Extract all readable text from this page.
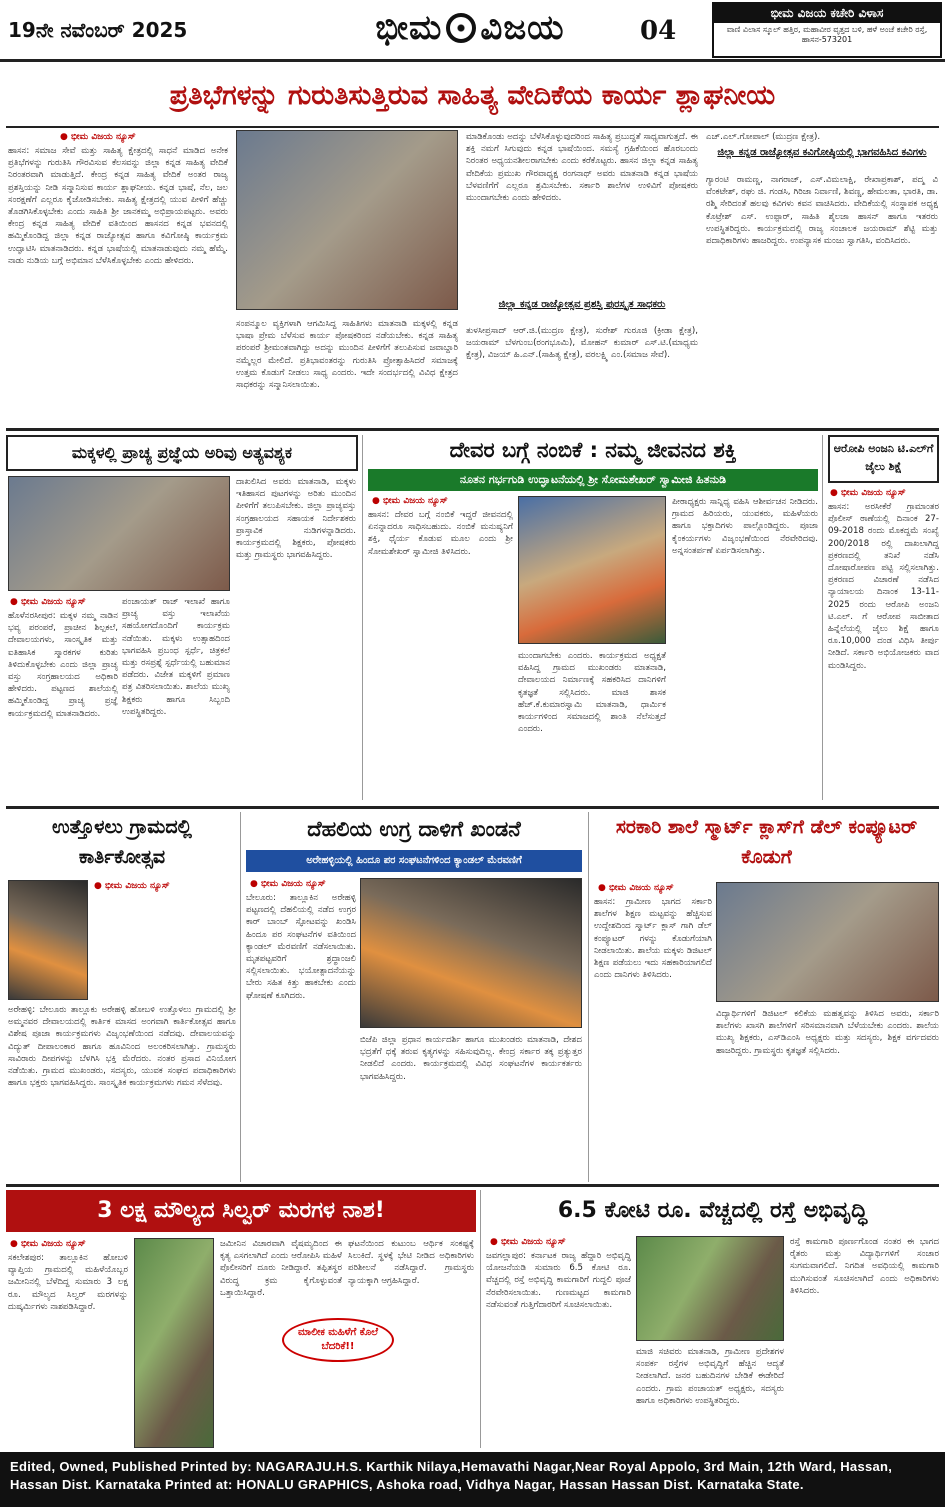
19ನೇ ನವೆಂಬರ್ 2025	ಭೀಮ ವಿಜಯ	04
ಭೀಮ ವಿಜಯ ಕಚೇರಿ ವಿಳಾಸ
ವಾಣಿ ವಿಲಾಸ ಸ್ಕೂಲ್ ಹತ್ತಿರ, ಮಹಾವೀರ ವೃತ್ತದ ಬಳಿ, ಹಳೆ ಅಂಚೆ ಕಚೇರಿ ರಸ್ತೆ, ಹಾಸನ-573201
ಪ್ರತಿಭೆಗಳನ್ನು ಗುರುತಿಸುತ್ತಿರುವ ಸಾಹಿತ್ಯ ವೇದಿಕೆಯ ಕಾರ್ಯ ಶ್ಲಾಘನೀಯ
● ಭೀಮ ವಿಜಯ ನ್ಯೂಸ್
ಹಾಸನ: ಸಮಾಜ ಸೇವೆ ಮತ್ತು ಸಾಹಿತ್ಯ ಕ್ಷೇತ್ರದಲ್ಲಿ ಸಾಧನೆ ಮಾಡಿದ ಅನೇಕ ಪ್ರತಿಭೆಗಳನ್ನು ಗುರುತಿಸಿ ಗೌರವಿಸುವ ಕೆಲಸವನ್ನು ಜಿಲ್ಲಾ ಕನ್ನಡ ಸಾಹಿತ್ಯ ವೇದಿಕೆ ನಿರಂತರವಾಗಿ ಮಾಡುತ್ತಿದೆ. ಕೇಂದ್ರ ಕನ್ನಡ ಸಾಹಿತ್ಯ ವೇದಿಕೆ ಅಂತರ ರಾಜ್ಯ ಪ್ರಶಸ್ತಿಯನ್ನು ನೀಡಿ ಸನ್ಮಾನಿಸುವ ಕಾರ್ಯ ಶ್ಲಾಘನೀಯ. ಕನ್ನಡ ಭಾಷೆ, ನೆಲ, ಜಲ ಸಂರಕ್ಷಣೆಗೆ ಎಲ್ಲರೂ ಕೈಜೋಡಿಸಬೇಕು. ಸಾಹಿತ್ಯ ಕ್ಷೇತ್ರದಲ್ಲಿ ಯುವ ಪೀಳಿಗೆ ಹೆಚ್ಚು ತೊಡಗಿಸಿಕೊಳ್ಳಬೇಕು ಎಂದು ಸಾಹಿತಿ ಶ್ರೀ ಜಾನಕಮ್ಮ ಅಭಿಪ್ರಾಯಪಟ್ಟರು. ಅವರು ಕೇಂದ್ರ ಕನ್ನಡ ಸಾಹಿತ್ಯ ವೇದಿಕೆ ವತಿಯಿಂದ ಹಾಸನದ ಕನ್ನಡ ಭವನದಲ್ಲಿ ಹಮ್ಮಿಕೊಂಡಿದ್ದ ಜಿಲ್ಲಾ ಕನ್ನಡ ರಾಜ್ಯೋತ್ಸವ ಹಾಗೂ ಕವಿಗೋಷ್ಠಿ ಕಾರ್ಯಕ್ರಮ ಉದ್ಘಾಟಿಸಿ ಮಾತನಾಡಿದರು. ಕನ್ನಡ ಭಾಷೆಯಲ್ಲಿ ಮಾತನಾಡುವುದು ನಮ್ಮ ಹೆಮ್ಮೆ. ನಾಡು ನುಡಿಯ ಬಗ್ಗೆ ಅಭಿಮಾನ ಬೆಳೆಸಿಕೊಳ್ಳಬೇಕು ಎಂದು ಹೇಳಿದರು.
ಸಂಪನ್ಮೂಲ ವ್ಯಕ್ತಿಗಳಾಗಿ ಆಗಮಿಸಿದ್ದ ಸಾಹಿತಿಗಳು ಮಾತನಾಡಿ ಮಕ್ಕಳಲ್ಲಿ ಕನ್ನಡ ಭಾಷಾ ಪ್ರೇಮ ಬೆಳೆಸುವ ಕಾರ್ಯ ಪೋಷಕರಿಂದ ನಡೆಯಬೇಕು. ಕನ್ನಡ ಸಾಹಿತ್ಯ ಪರಂಪರೆ ಶ್ರೀಮಂತವಾಗಿದ್ದು ಅದನ್ನು ಮುಂದಿನ ಪೀಳಿಗೆಗೆ ತಲುಪಿಸುವ ಜವಾಬ್ದಾರಿ ನಮ್ಮೆಲ್ಲರ ಮೇಲಿದೆ. ಪ್ರತಿಭಾವಂತರನ್ನು ಗುರುತಿಸಿ ಪ್ರೋತ್ಸಾಹಿಸಿದರೆ ಸಮಾಜಕ್ಕೆ ಉತ್ತಮ ಕೊಡುಗೆ ನೀಡಲು ಸಾಧ್ಯ ಎಂದರು. ಇದೇ ಸಂದರ್ಭದಲ್ಲಿ ವಿವಿಧ ಕ್ಷೇತ್ರದ ಸಾಧಕರನ್ನು ಸನ್ಮಾನಿಸಲಾಯಿತು.
ಮಾಡಿಕೊಂಡು ಅದನ್ನು ಬೆಳೆಸಿಕೊಳ್ಳುವುದರಿಂದ ಸಾಹಿತ್ಯ ಪ್ರಬುದ್ಧತೆ ಸಾಧ್ಯವಾಗುತ್ತದೆ. ಈ ಶಕ್ತಿ ನಮಗೆ ಸಿಗುವುದು ಕನ್ನಡ ಭಾಷೆಯಿಂದ. ಸಮಸ್ಯೆ ಗ್ರಹಿಕೆಯಿಂದ ಹೊರಬಂದು ನಿರಂತರ ಅಧ್ಯಯನಶೀಲರಾಗಬೇಕು ಎಂದು ಕರೆಕೊಟ್ಟರು. ಹಾಸನ ಜಿಲ್ಲಾ ಕನ್ನಡ ಸಾಹಿತ್ಯ ವೇದಿಕೆಯ ಪ್ರಮುಖ ಗೌರವಾಧ್ಯಕ್ಷ ರಂಗನಾಥ್ ಅವರು ಮಾತನಾಡಿ ಕನ್ನಡ ಭಾಷೆಯ ಬೆಳವಣಿಗೆಗೆ ಎಲ್ಲರೂ ಶ್ರಮಿಸಬೇಕು. ಸರ್ಕಾರಿ ಶಾಲೆಗಳ ಉಳಿವಿಗೆ ಪೋಷಕರು ಮುಂದಾಗಬೇಕು ಎಂದು ಹೇಳಿದರು.
ಜಿಲ್ಲಾ ಕನ್ನಡ ರಾಜ್ಯೋತ್ಸವ ಪ್ರಶಸ್ತಿ ಪುರಸ್ಕೃತ ಸಾಧಕರು
ತುಳಸೀಪ್ರಸಾದ್ ಆರ್.ಜಿ.(ಮುದ್ರಣ ಕ್ಷೇತ್ರ), ಸುರೇಶ್ ಗುರೂಜಿ (ಕ್ರೀಡಾ ಕ್ಷೇತ್ರ), ಜಯರಾಮ್ ಬೆಳಗುಂಬ(ರಂಗಭೂಮಿ), ಮೋಹನ್ ಕುಮಾರ್ ಎಸ್.ಟಿ.(ಮಾಧ್ಯಮ ಕ್ಷೇತ್ರ), ವಿಜಯ್ ಹಿ.ಎನ್.(ಸಾಹಿತ್ಯ ಕ್ಷೇತ್ರ), ವರಲಕ್ಷ್ಮಿ ಎಂ.(ಸಮಾಜ ಸೇವೆ).
ಎಚ್.ಎಲ್.ಗೋಪಾಲ್ (ಮುದ್ರಣ ಕ್ಷೇತ್ರ).
ಜಿಲ್ಲಾ ಕನ್ನಡ ರಾಜ್ಯೋತ್ಸವ ಕವಿಗೋಷ್ಠಿಯಲ್ಲಿ ಭಾಗವಹಿಸಿದ ಕವಿಗಳು
ಗ್ಯಾರಂಟಿ ರಾಮಣ್ಣ, ನಾಗರಾಜ್, ಎಸ್.ವಿಮಲಾಕ್ಷಿ, ರೇಖಾಪ್ರಕಾಶ್, ಪದ್ಮ ವಿ ವೆಂಕಟೇಶ್, ರಘು ಜಿ. ಗಂಡಸಿ, ಗಿರಿಜಾ ನಿರ್ವಾಣಿ, ಶಿವಣ್ಣ, ಹೇಮಲತಾ, ಭಾರತಿ, ಡಾ. ರಶ್ಮಿ ಸೇರಿದಂತೆ ಹಲವು ಕವಿಗಳು ಕವನ ವಾಚಿಸಿದರು. ವೇದಿಕೆಯಲ್ಲಿ ಸಂಸ್ಥಾಪಕ ಅಧ್ಯಕ್ಷ ಕೊಟ್ರೇಶ್ ಎಸ್. ಉಪ್ಪಾರ್, ಸಾಹಿತಿ ಶೈಲಜಾ ಹಾಸನ್ ಹಾಗೂ ಇತರರು ಉಪಸ್ಥಿತರಿದ್ದರು. ಕಾರ್ಯಕ್ರಮದಲ್ಲಿ ರಾಜ್ಯ ಸಂಚಾಲಕ ಜಯರಾಮ್ ಶೆಟ್ಟಿ ಮತ್ತು ಪದಾಧಿಕಾರಿಗಳು ಹಾಜರಿದ್ದರು. ಉಪನ್ಯಾಸಕ ಮಂಜು ಸ್ವಾಗತಿಸಿ, ವಂದಿಸಿದರು.
ಮಕ್ಕಳಲ್ಲಿ ಪ್ರಾಚ್ಯ ಪ್ರಜ್ಞೆಯ ಅರಿವು ಅತ್ಯವಶ್ಯಕ
● ಭೀಮ ವಿಜಯ ನ್ಯೂಸ್
ಹೊಳೆನರಸೀಪುರ: ಮಕ್ಕಳ ನಮ್ಮ ನಾಡಿನ ಭವ್ಯ ಪರಂಪರೆ, ಪ್ರಾಚೀನ ಶಿಲ್ಪಕಲೆ, ದೇವಾಲಯಗಳು, ಸಾಂಸ್ಕೃತಿಕ ಮತ್ತು ಐತಿಹಾಸಿಕ ಸ್ಮಾರಕಗಳ ಕುರಿತು ತಿಳಿದುಕೊಳ್ಳಬೇಕು ಎಂದು ಜಿಲ್ಲಾ ಪ್ರಾಚ್ಯ ವಸ್ತು ಸಂಗ್ರಹಾಲಯದ ಅಧಿಕಾರಿ ಹೇಳಿದರು. ಪಟ್ಟಣದ ಶಾಲೆಯಲ್ಲಿ ಹಮ್ಮಿಕೊಂಡಿದ್ದ ಪ್ರಾಚ್ಯ ಪ್ರಜ್ಞೆ ಕಾರ್ಯಕ್ರಮದಲ್ಲಿ ಮಾತನಾಡಿದರು.
ಪಂಚಾಯತ್ ರಾಜ್ ಇಲಾಖೆ ಹಾಗೂ ಪ್ರಾಚ್ಯ ವಸ್ತು ಇಲಾಖೆಯ ಸಹಯೋಗದೊಂದಿಗೆ ಕಾರ್ಯಕ್ರಮ ನಡೆಯಿತು. ಮಕ್ಕಳು ಉತ್ಸಾಹದಿಂದ ಭಾಗವಹಿಸಿ ಪ್ರಬಂಧ ಸ್ಪರ್ಧೆ, ಚಿತ್ರಕಲೆ ಮತ್ತು ರಸಪ್ರಶ್ನೆ ಸ್ಪರ್ಧೆಯಲ್ಲಿ ಬಹುಮಾನ ಪಡೆದರು. ವಿಜೇತ ಮಕ್ಕಳಿಗೆ ಪ್ರಮಾಣ ಪತ್ರ ವಿತರಿಸಲಾಯಿತು. ಶಾಲೆಯ ಮುಖ್ಯ ಶಿಕ್ಷಕರು ಹಾಗೂ ಸಿಬ್ಬಂದಿ ಉಪಸ್ಥಿತರಿದ್ದರು.
ದಾಖಲಿಸಿದ ಅವರು ಮಾತನಾಡಿ, ಮಕ್ಕಳು ಇತಿಹಾಸದ ಪುಟಗಳನ್ನು ಅರಿತು ಮುಂದಿನ ಪೀಳಿಗೆಗೆ ತಲುಪಿಸಬೇಕು. ಜಿಲ್ಲಾ ಪ್ರಾಚ್ಯವಸ್ತು ಸಂಗ್ರಹಾಲಯದ ಸಹಾಯಕ ನಿರ್ದೇಶಕರು ಪ್ರಾಸ್ತಾವಿಕ ನುಡಿಗಳನ್ನಾಡಿದರು. ಕಾರ್ಯಕ್ರಮದಲ್ಲಿ ಶಿಕ್ಷಕರು, ಪೋಷಕರು ಮತ್ತು ಗ್ರಾಮಸ್ಥರು ಭಾಗವಹಿಸಿದ್ದರು.
ದೇವರ ಬಗ್ಗೆ ನಂಬಿಕೆ : ನಮ್ಮ ಜೀವನದ ಶಕ್ತಿ
ನೂತನ ಗರ್ಭಗುಡಿ ಉದ್ಘಾಟನೆಯಲ್ಲಿ ಶ್ರೀ ಸೋಮಶೇಖರ್ ಸ್ವಾಮೀಜಿ ಹಿತನುಡಿ
● ಭೀಮ ವಿಜಯ ನ್ಯೂಸ್
ಹಾಸನ: ದೇವರ ಬಗ್ಗೆ ನಂಬಿಕೆ ಇದ್ದರೆ ಜೀವನದಲ್ಲಿ ಏನನ್ನಾದರೂ ಸಾಧಿಸಬಹುದು. ನಂಬಿಕೆ ಮನುಷ್ಯನಿಗೆ ಶಕ್ತಿ, ಧೈರ್ಯ ಕೊಡುವ ಮೂಲ ಎಂದು ಶ್ರೀ ಸೋಮಶೇಖರ್ ಸ್ವಾಮೀಜಿ ತಿಳಿಸಿದರು.
ಮುಂದಾಗಬೇಕು ಎಂದರು. ಕಾರ್ಯಕ್ರಮದ ಅಧ್ಯಕ್ಷತೆ ವಹಿಸಿದ್ದ ಗ್ರಾಮದ ಮುಖಂಡರು ಮಾತನಾಡಿ, ದೇವಾಲಯದ ನಿರ್ಮಾಣಕ್ಕೆ ಸಹಕರಿಸಿದ ದಾನಿಗಳಿಗೆ ಕೃತಜ್ಞತೆ ಸಲ್ಲಿಸಿದರು. ಮಾಜಿ ಶಾಸಕ ಹೆಚ್.ಕೆ.ಕುಮಾರಸ್ವಾಮಿ ಮಾತನಾಡಿ, ಧಾರ್ಮಿಕ ಕಾರ್ಯಗಳಿಂದ ಸಮಾಜದಲ್ಲಿ ಶಾಂತಿ ನೆಲೆಸುತ್ತದೆ ಎಂದರು.
ಪೀಠಾಧ್ಯಕ್ಷರು ಸಾನ್ನಿಧ್ಯ ವಹಿಸಿ ಆಶೀರ್ವಚನ ನೀಡಿದರು. ಗ್ರಾಮದ ಹಿರಿಯರು, ಯುವಕರು, ಮಹಿಳೆಯರು ಹಾಗೂ ಭಕ್ತಾದಿಗಳು ಪಾಲ್ಗೊಂಡಿದ್ದರು. ಪೂಜಾ ಕೈಂಕರ್ಯಗಳು ವಿಜೃಂಭಣೆಯಿಂದ ನೆರವೇರಿದವು. ಅನ್ನಸಂತರ್ಪಣೆ ಏರ್ಪಡಿಸಲಾಗಿತ್ತು.
ಆರೋಪಿ ಅಂಜನಿ ಟಿ.ಎಲ್‌ಗೆ ಜೈಲು ಶಿಕ್ಷೆ
● ಭೀಮ ವಿಜಯ ನ್ಯೂಸ್
ಹಾಸನ: ಅರಸೀಕೆರೆ ಗ್ರಾಮಾಂತರ ಪೊಲೀಸ್ ಠಾಣೆಯಲ್ಲಿ ದಿನಾಂಕ 27-09-2018 ರಂದು ಮೊಕದ್ದಮೆ ಸಂಖ್ಯೆ 200/2018 ರಲ್ಲಿ ದಾಖಲಾಗಿದ್ದ ಪ್ರಕರಣದಲ್ಲಿ ತನಿಖೆ ನಡೆಸಿ ದೋಷಾರೋಪಣ ಪಟ್ಟಿ ಸಲ್ಲಿಸಲಾಗಿತ್ತು. ಪ್ರಕರಣದ ವಿಚಾರಣೆ ನಡೆಸಿದ ನ್ಯಾಯಾಲಯ ದಿನಾಂಕ 13-11-2025 ರಂದು ಆರೋಪಿ ಅಂಜನಿ ಟಿ.ಎಲ್. ಗೆ ಆರೋಪ ಸಾಬೀತಾದ ಹಿನ್ನೆಲೆಯಲ್ಲಿ ಜೈಲು ಶಿಕ್ಷೆ ಹಾಗೂ ರೂ.10,000 ದಂಡ ವಿಧಿಸಿ ತೀರ್ಪು ನೀಡಿದೆ. ಸರ್ಕಾರಿ ಅಭಿಯೋಜಕರು ವಾದ ಮಂಡಿಸಿದ್ದರು.
ಉತ್ತೊಳಲು ಗ್ರಾಮದಲ್ಲಿ ಕಾರ್ತಿಕೋತ್ಸವ
● ಭೀಮ ವಿಜಯ ನ್ಯೂಸ್
ಅರೇಹಳ್ಳಿ: ಬೇಲೂರು ತಾಲ್ಲೂಕು ಅರೇಹಳ್ಳಿ ಹೋಬಳಿ ಉತ್ತೊಳಲು ಗ್ರಾಮದಲ್ಲಿ ಶ್ರೀ ಅಮ್ಮನವರ ದೇವಾಲಯದಲ್ಲಿ ಕಾರ್ತಿಕ ಮಾಸದ ಅಂಗವಾಗಿ ಕಾರ್ತಿಕೋತ್ಸವ ಹಾಗೂ ವಿಶೇಷ ಪೂಜಾ ಕಾರ್ಯಕ್ರಮಗಳು ವಿಜೃಂಭಣೆಯಿಂದ ನಡೆದವು. ದೇವಾಲಯವನ್ನು ವಿದ್ಯುತ್ ದೀಪಾಲಂಕಾರ ಹಾಗೂ ಹೂವಿನಿಂದ ಅಲಂಕರಿಸಲಾಗಿತ್ತು. ಗ್ರಾಮಸ್ಥರು ಸಾವಿರಾರು ದೀಪಗಳನ್ನು ಬೆಳಗಿಸಿ ಭಕ್ತಿ ಮೆರೆದರು. ನಂತರ ಪ್ರಸಾದ ವಿನಿಯೋಗ ನಡೆಯಿತು. ಗ್ರಾಮದ ಮುಖಂಡರು, ಸದಸ್ಯರು, ಯುವಕ ಸಂಘದ ಪದಾಧಿಕಾರಿಗಳು ಹಾಗೂ ಭಕ್ತರು ಭಾಗವಹಿಸಿದ್ದರು. ಸಾಂಸ್ಕೃತಿಕ ಕಾರ್ಯಕ್ರಮಗಳು ಗಮನ ಸೆಳೆದವು.
ದೆಹಲಿಯ ಉಗ್ರ ದಾಳಿಗೆ ಖಂಡನೆ
ಅರೇಹಳ್ಳಿಯಲ್ಲಿ ಹಿಂದೂ ಪರ ಸಂಘಟನೆಗಳಿಂದ ಕ್ಯಾಂಡಲ್ ಮೆರವಣಿಗೆ
● ಭೀಮ ವಿಜಯ ನ್ಯೂಸ್
ಬೇಲೂರು: ತಾಲ್ಲೂಕಿನ ಅರೇಹಳ್ಳಿ ಪಟ್ಟಣದಲ್ಲಿ ದೆಹಲಿಯಲ್ಲಿ ನಡೆದ ಉಗ್ರರ ಕಾರ್ ಬಾಂಬ್ ಸ್ಫೋಟವನ್ನು ಖಂಡಿಸಿ ಹಿಂದೂ ಪರ ಸಂಘಟನೆಗಳ ವತಿಯಿಂದ ಕ್ಯಾಂಡಲ್ ಮೆರವಣಿಗೆ ನಡೆಸಲಾಯಿತು. ಮೃತಪಟ್ಟವರಿಗೆ ಶ್ರದ್ಧಾಂಜಲಿ ಸಲ್ಲಿಸಲಾಯಿತು. ಭಯೋತ್ಪಾದನೆಯನ್ನು ಬೇರು ಸಹಿತ ಕಿತ್ತು ಹಾಕಬೇಕು ಎಂದು ಘೋಷಣೆ ಕೂಗಿದರು.
ಬಿಜೆಪಿ ಜಿಲ್ಲಾ ಪ್ರಧಾನ ಕಾರ್ಯದರ್ಶಿ ಹಾಗೂ ಮುಖಂಡರು ಮಾತನಾಡಿ, ದೇಶದ ಭದ್ರತೆಗೆ ಧಕ್ಕೆ ತರುವ ಕೃತ್ಯಗಳನ್ನು ಸಹಿಸುವುದಿಲ್ಲ. ಕೇಂದ್ರ ಸರ್ಕಾರ ತಕ್ಕ ಪ್ರತ್ಯುತ್ತರ ನೀಡಲಿದೆ ಎಂದರು. ಕಾರ್ಯಕ್ರಮದಲ್ಲಿ ವಿವಿಧ ಸಂಘಟನೆಗಳ ಕಾರ್ಯಕರ್ತರು ಭಾಗವಹಿಸಿದ್ದರು.
ಸರಕಾರಿ ಶಾಲೆ ಸ್ಮಾರ್ಟ್ ಕ್ಲಾಸ್‌ಗೆ ಡೆಲ್ ಕಂಪ್ಯೂಟರ್ ಕೊಡುಗೆ
● ಭೀಮ ವಿಜಯ ನ್ಯೂಸ್
ಹಾಸನ: ಗ್ರಾಮೀಣ ಭಾಗದ ಸರ್ಕಾರಿ ಶಾಲೆಗಳ ಶಿಕ್ಷಣ ಮಟ್ಟವನ್ನು ಹೆಚ್ಚಿಸುವ ಉದ್ದೇಶದಿಂದ ಸ್ಮಾರ್ಟ್ ಕ್ಲಾಸ್ ಗಾಗಿ ಡೆಲ್ ಕಂಪ್ಯೂಟರ್ ಗಳನ್ನು ಕೊಡುಗೆಯಾಗಿ ನೀಡಲಾಯಿತು. ಶಾಲೆಯ ಮಕ್ಕಳು ಡಿಜಿಟಲ್ ಶಿಕ್ಷಣ ಪಡೆಯಲು ಇದು ಸಹಕಾರಿಯಾಗಲಿದೆ ಎಂದು ದಾನಿಗಳು ತಿಳಿಸಿದರು.
ವಿದ್ಯಾರ್ಥಿಗಳಿಗೆ ಡಿಜಿಟಲ್ ಕಲಿಕೆಯ ಮಹತ್ವವನ್ನು ತಿಳಿಸಿದ ಅವರು, ಸರ್ಕಾರಿ ಶಾಲೆಗಳು ಖಾಸಗಿ ಶಾಲೆಗಳಿಗೆ ಸರಿಸಮಾನವಾಗಿ ಬೆಳೆಯಬೇಕು ಎಂದರು. ಶಾಲೆಯ ಮುಖ್ಯ ಶಿಕ್ಷಕರು, ಎಸ್‌ಡಿಎಂಸಿ ಅಧ್ಯಕ್ಷರು ಮತ್ತು ಸದಸ್ಯರು, ಶಿಕ್ಷಕ ವರ್ಗದವರು ಹಾಜರಿದ್ದರು. ಗ್ರಾಮಸ್ಥರು ಕೃತಜ್ಞತೆ ಸಲ್ಲಿಸಿದರು.
3 ಲಕ್ಷ ಮೌಲ್ಯದ ಸಿಲ್ವರ್ ಮರಗಳ ನಾಶ!
● ಭೀಮ ವಿಜಯ ನ್ಯೂಸ್
ಸಕಲೇಶಪುರ: ತಾಲ್ಲೂಕಿನ ಹೋಬಳಿ ವ್ಯಾಪ್ತಿಯ ಗ್ರಾಮದಲ್ಲಿ ಮಹಿಳೆಯೊಬ್ಬರ ಜಮೀನಿನಲ್ಲಿ ಬೆಳೆದಿದ್ದ ಸುಮಾರು 3 ಲಕ್ಷ ರೂ. ಮೌಲ್ಯದ ಸಿಲ್ವರ್ ಮರಗಳನ್ನು ದುಷ್ಕರ್ಮಿಗಳು ನಾಶಪಡಿಸಿದ್ದಾರೆ.
ಜಮೀನಿನ ವಿಚಾರವಾಗಿ ವೈಷಮ್ಯದಿಂದ ಈ ಕೃತ್ಯ ಎಸಗಲಾಗಿದೆ ಎಂದು ಆರೋಪಿಸಿ ಮಹಿಳೆ ಪೊಲೀಸರಿಗೆ ದೂರು ನೀಡಿದ್ದಾರೆ. ತಪ್ಪಿತಸ್ಥರ ವಿರುದ್ಧ ಕ್ರಮ ಕೈಗೊಳ್ಳುವಂತೆ ಒತ್ತಾಯಿಸಿದ್ದಾರೆ.
ಘಟನೆಯಿಂದ ಕುಟುಂಬ ಆರ್ಥಿಕ ಸಂಕಷ್ಟಕ್ಕೆ ಸಿಲುಕಿದೆ. ಸ್ಥಳಕ್ಕೆ ಭೇಟಿ ನೀಡಿದ ಅಧಿಕಾರಿಗಳು ಪರಿಶೀಲನೆ ನಡೆಸಿದ್ದಾರೆ. ಗ್ರಾಮಸ್ಥರು ನ್ಯಾಯಕ್ಕಾಗಿ ಆಗ್ರಹಿಸಿದ್ದಾರೆ.
ಮಾಲೀಕ ಮಹಿಳೆಗೆ ಕೊಲೆ ಬೆದರಿಕೆ!!
6.5 ಕೋಟಿ ರೂ. ವೆಚ್ಚದಲ್ಲಿ ರಸ್ತೆ ಅಭಿವೃದ್ಧಿ
● ಭೀಮ ವಿಜಯ ನ್ಯೂಸ್
ಜವಗಲ್ಲಾಪುರ: ಕರ್ನಾಟಕ ರಾಜ್ಯ ಹೆದ್ದಾರಿ ಅಭಿವೃದ್ಧಿ ಯೋಜನೆಯಡಿ ಸುಮಾರು 6.5 ಕೋಟಿ ರೂ. ವೆಚ್ಚದಲ್ಲಿ ರಸ್ತೆ ಅಭಿವೃದ್ಧಿ ಕಾಮಗಾರಿಗೆ ಗುದ್ದಲಿ ಪೂಜೆ ನೆರವೇರಿಸಲಾಯಿತು. ಗುಣಮಟ್ಟದ ಕಾಮಗಾರಿ ನಡೆಸುವಂತೆ ಗುತ್ತಿಗೆದಾರರಿಗೆ ಸೂಚಿಸಲಾಯಿತು.
ಮಾಜಿ ಸಚಿವರು ಮಾತನಾಡಿ, ಗ್ರಾಮೀಣ ಪ್ರದೇಶಗಳ ಸಂಪರ್ಕ ರಸ್ತೆಗಳ ಅಭಿವೃದ್ಧಿಗೆ ಹೆಚ್ಚಿನ ಆದ್ಯತೆ ನೀಡಲಾಗಿದೆ. ಜನರ ಬಹುದಿನಗಳ ಬೇಡಿಕೆ ಈಡೇರಿದೆ ಎಂದರು. ಗ್ರಾಮ ಪಂಚಾಯತ್ ಅಧ್ಯಕ್ಷರು, ಸದಸ್ಯರು ಹಾಗೂ ಅಧಿಕಾರಿಗಳು ಉಪಸ್ಥಿತರಿದ್ದರು.
ರಸ್ತೆ ಕಾಮಗಾರಿ ಪೂರ್ಣಗೊಂಡ ನಂತರ ಈ ಭಾಗದ ರೈತರು ಮತ್ತು ವಿದ್ಯಾರ್ಥಿಗಳಿಗೆ ಸಂಚಾರ ಸುಗಮವಾಗಲಿದೆ. ನಿಗದಿತ ಅವಧಿಯಲ್ಲಿ ಕಾಮಗಾರಿ ಮುಗಿಸುವಂತೆ ಸೂಚಿಸಲಾಗಿದೆ ಎಂದು ಅಧಿಕಾರಿಗಳು ತಿಳಿಸಿದರು.
Edited, Owned, Published Printed by: NAGARAJU.H.S. Karthik Nilaya,Hemavathi Nagar,Near Royal Appolo, 3rd Main, 12th Ward, Hassan,
Hassan Dist. Karnataka Printed at: HONALU GRAPHICS, Ashoka road, Vidhya Nagar, Hassan Hassan Dist. Karnataka State.
